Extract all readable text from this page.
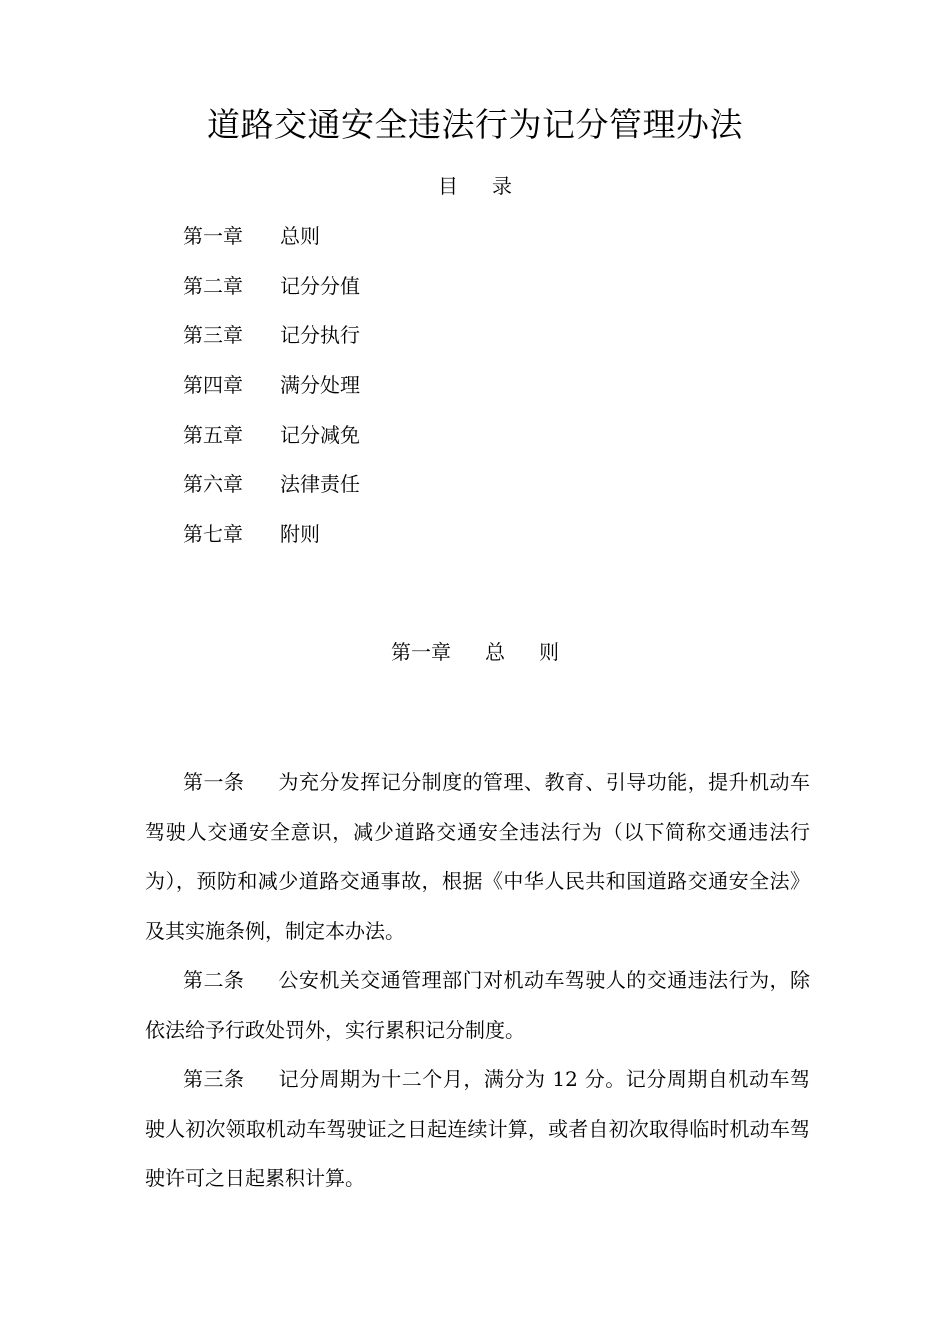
道路交通安全违法行为记分管理办法
目 录
第一章 总则
第二章 记分分值
第三章 记分执行
第四章 满分处理
第五章 记分减免
第六章 法律责任
第七章 附则
第一章 总 则

第一条 为充分发挥记分制度的管理、教育、引导功能，提升机动车驾驶人交通安全意识，减少道路交通安全违法行为（以下简称交通违法行为），预防和减少道路交通事故，根据《中华人民共和国道路交通安全法》及其实施条例，制定本办法。

第二条 公安机关交通管理部门对机动车驾驶人的交通违法行为，除依法给予行政处罚外，实行累积记分制度。

第三条 记分周期为十二个月，满分为 12 分。记分周期自机动车驾驶人初次领取机动车驾驶证之日起连续计算，或者自初次取得临时机动车驾驶许可之日起累积计算。
